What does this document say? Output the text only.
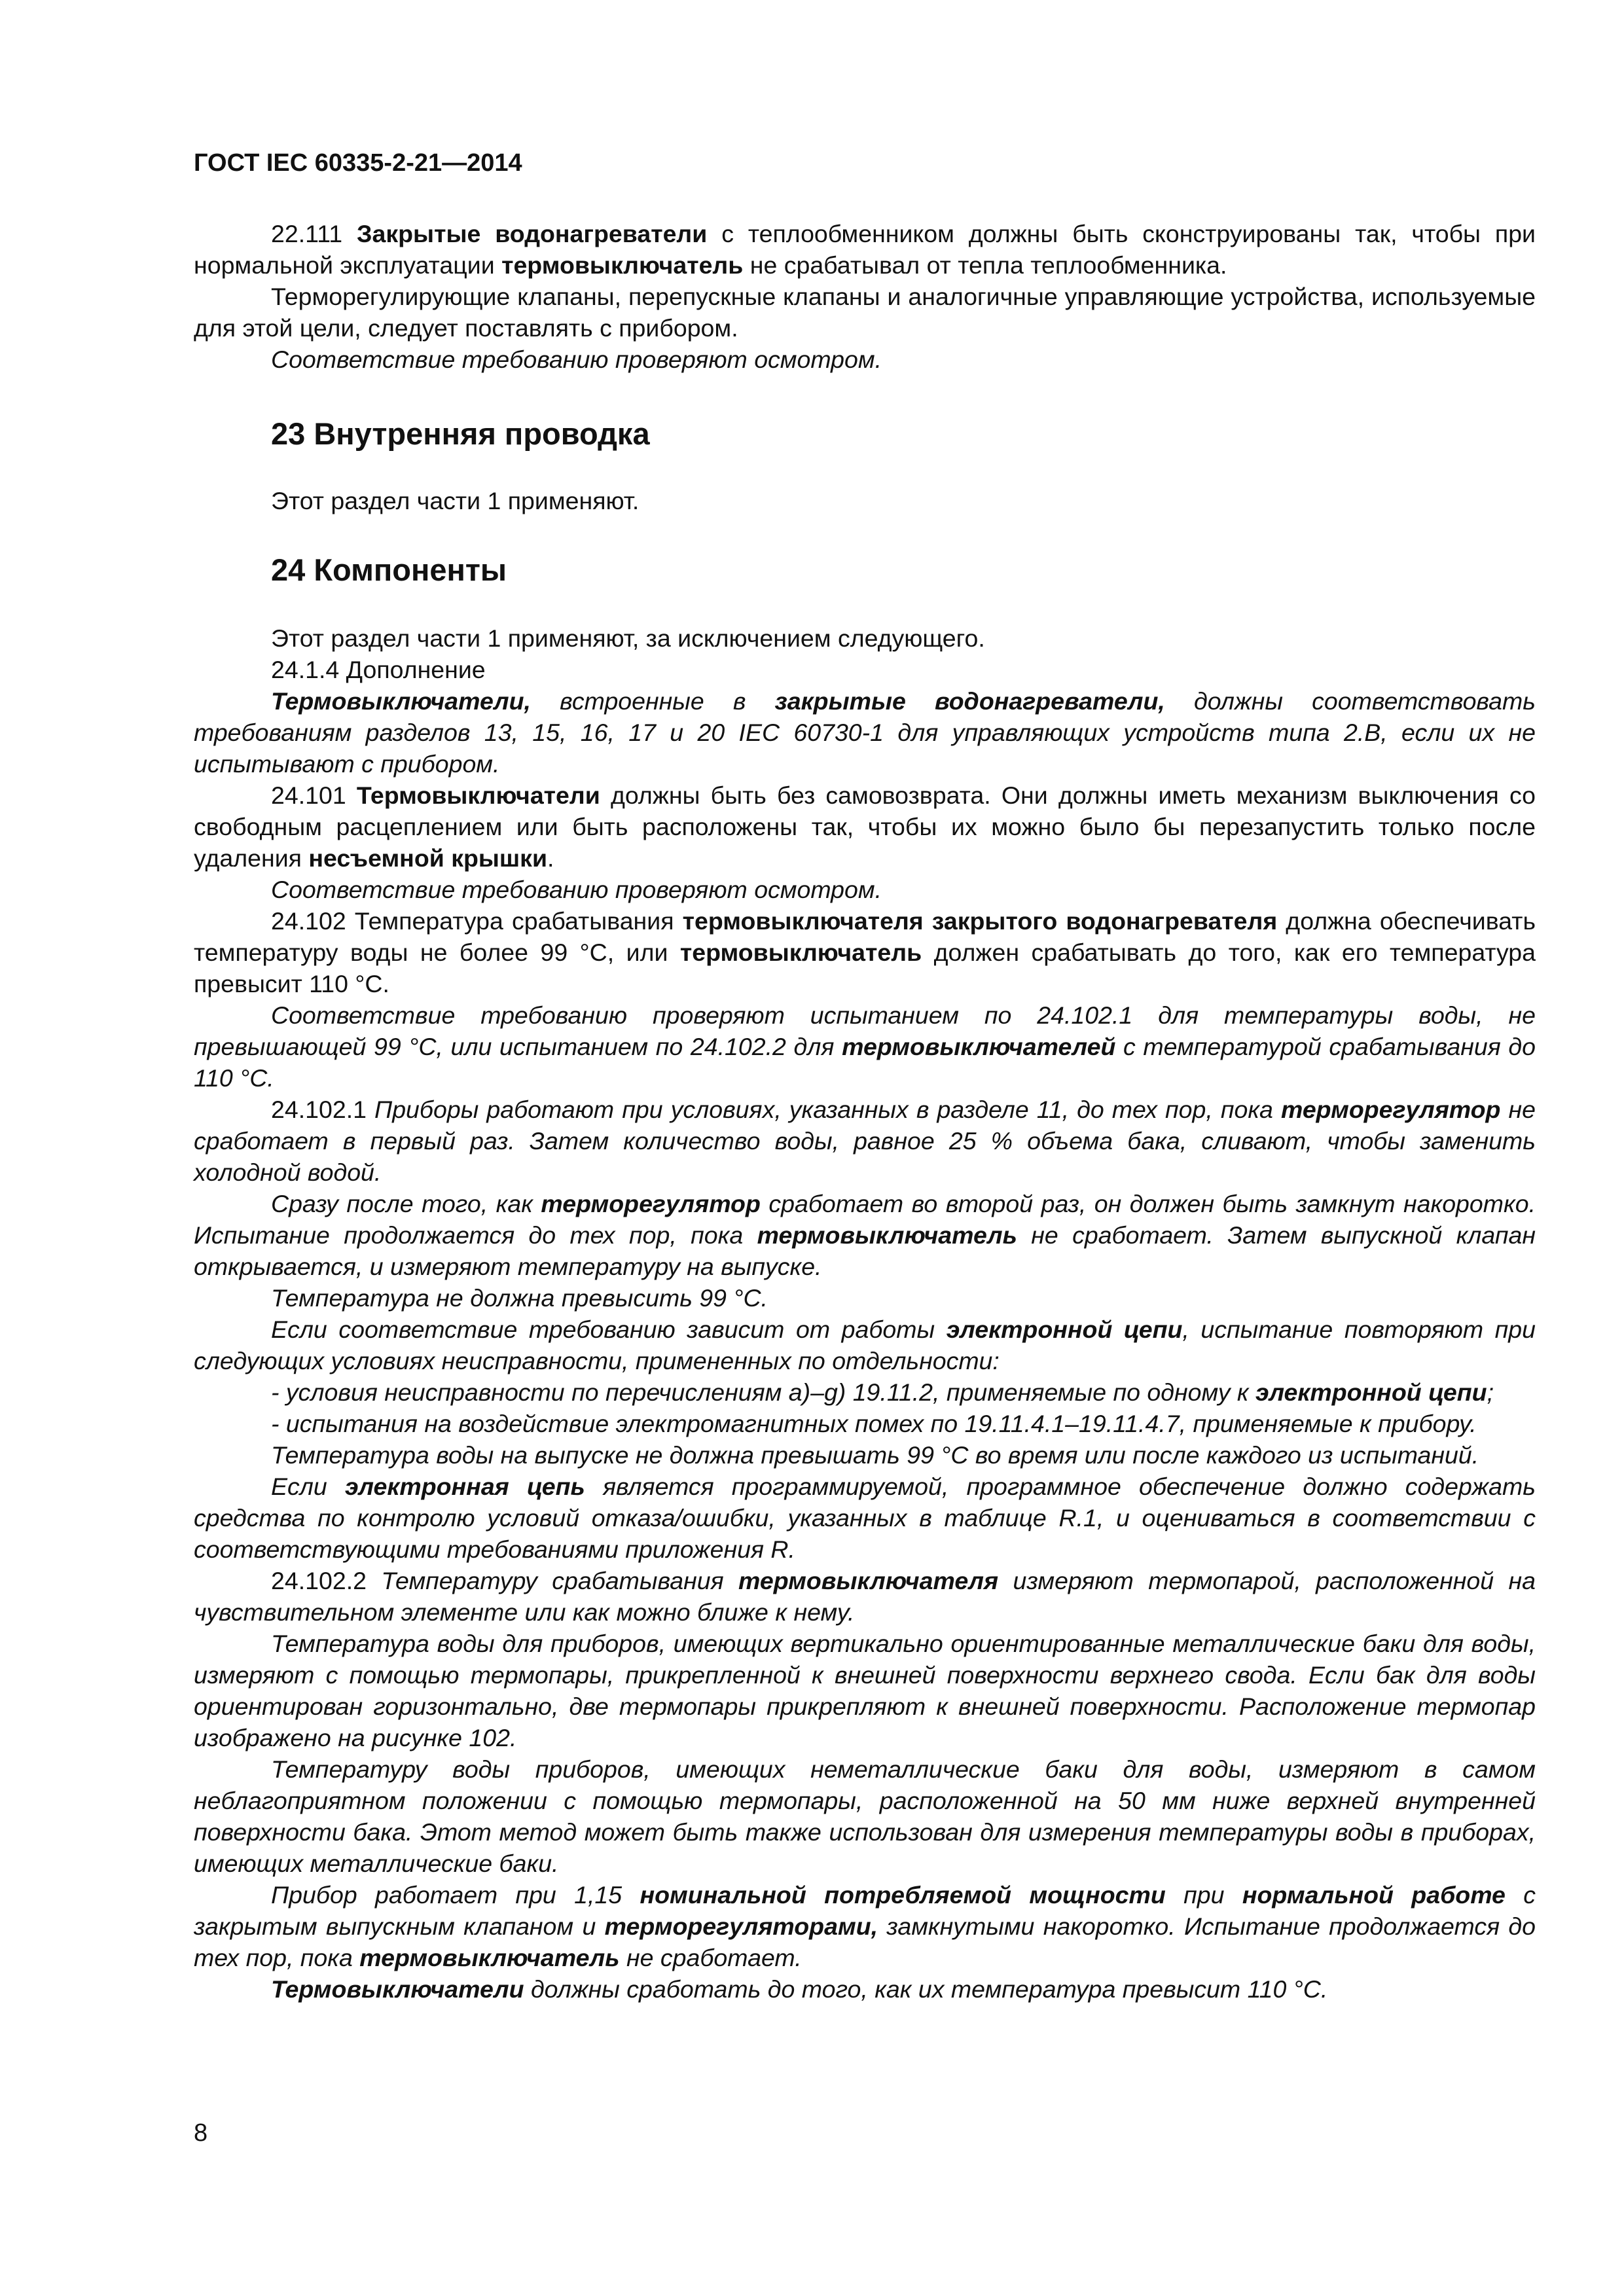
ГОСТ IEC 60335-2-21—2014

22.111 Закрытые водонагреватели с теплообменником должны быть сконструированы так, чтобы при нормальной эксплуатации термовыключатель не срабатывал от тепла теплообменника.

Терморегулирующие клапаны, перепускные клапаны и аналогичные управляющие устройства, используемые для этой цели, следует поставлять с прибором.

Соответствие требованию проверяют осмотром.

23 Внутренняя проводка

Этот раздел части 1 применяют.

24 Компоненты

Этот раздел части 1 применяют, за исключением следующего.

24.1.4 Дополнение

Термовыключатели, встроенные в закрытые водонагреватели, должны соответствовать требованиям разделов 13, 15, 16, 17 и 20 IEC 60730-1 для управляющих устройств типа 2.В, если их не испытывают с прибором.

24.101 Термовыключатели должны быть без самовозврата. Они должны иметь механизм выключения со свободным расцеплением или быть расположены так, чтобы их можно было бы перезапустить только после удаления несъемной крышки.

Соответствие требованию проверяют осмотром.

24.102 Температура срабатывания термовыключателя закрытого водонагревателя должна обеспечивать температуру воды не более 99 °С, или термовыключатель должен срабатывать до того, как его температура превысит 110 °С.

Соответствие требованию проверяют испытанием по 24.102.1 для температуры воды, не превышающей 99 °С, или испытанием по 24.102.2 для термовыключателей с температурой срабатывания до 110 °С.

24.102.1 Приборы работают при условиях, указанных в разделе 11, до тех пор, пока терморегулятор не сработает в первый раз. Затем количество воды, равное 25 % объема бака, сливают, чтобы заменить холодной водой.

Сразу после того, как терморегулятор сработает во второй раз, он должен быть замкнут накоротко. Испытание продолжается до тех пор, пока термовыключатель не сработает. Затем выпускной клапан открывается, и измеряют температуру на выпуске.

Температура не должна превысить 99 °С.

Если соответствие требованию зависит от работы электронной цепи, испытание повторяют при следующих условиях неисправности, примененных по отдельности:

- условия неисправности по перечислениям a)–g) 19.11.2, применяемые по одному к электронной цепи;

- испытания на воздействие электромагнитных помех по 19.11.4.1–19.11.4.7, применяемые к прибору.

Температура воды на выпуске не должна превышать 99 °С во время или после каждого из испытаний.

Если электронная цепь является программируемой, программное обеспечение должно содержать средства по контролю условий отказа/ошибки, указанных в таблице R.1, и оцениваться в соответствии с соответствующими требованиями приложения R.

24.102.2 Температуру срабатывания термовыключателя измеряют термопарой, расположенной на чувствительном элементе или как можно ближе к нему.

Температура воды для приборов, имеющих вертикально ориентированные металлические баки для воды, измеряют с помощью термопары, прикрепленной к внешней поверхности верхнего свода. Если бак для воды ориентирован горизонтально, две термопары прикрепляют к внешней поверхности. Расположение термопар изображено на рисунке 102.

Температуру воды приборов, имеющих неметаллические баки для воды, измеряют в самом неблагоприятном положении с помощью термопары, расположенной на 50 мм ниже верхней внутренней поверхности бака. Этот метод может быть также использован для измерения температуры воды в приборах, имеющих металлические баки.

Прибор работает при 1,15 номинальной потребляемой мощности при нормальной работе с закрытым выпускным клапаном и терморегуляторами, замкнутыми накоротко. Испытание продолжается до тех пор, пока термовыключатель не сработает.

Термовыключатели должны сработать до того, как их температура превысит 110 °С.

8
